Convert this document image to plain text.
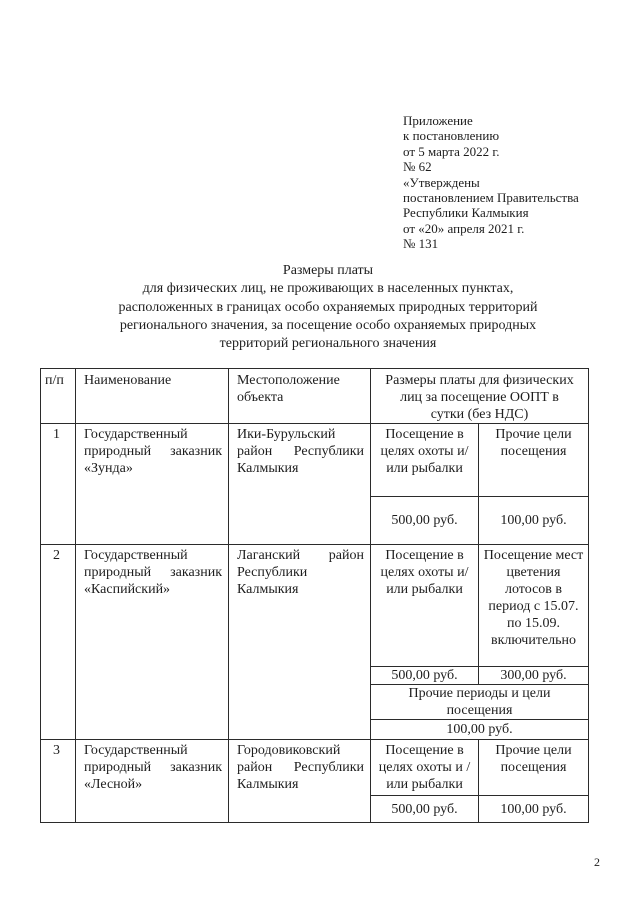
Приложение
к постановлению
от 5 марта 2022 г.
№ 62
«Утверждены
постановлением Правительства
Республики Калмыкия
от «20» апреля 2021 г.
№ 131
Размеры платы
для физических лиц, не проживающих в населенных пунктах,
расположенных в границах особо охраняемых природных территорий
регионального значения, за посещение особо охраняемых природных
территорий регионального значения
п/п	Наименование	Местоположение объекта	Размеры платы для физических лиц за посещение ООПТ в сутки (без НДС)	
1	Государственный природный заказник «Зунда»	Ики-Бурульский район Республики Калмыкия	Посещение в целях охоты и/ или рыбалки	Прочие цели посещения
			500,00 руб.	100,00 руб.
2	Государственный природный заказник «Каспийский»	Лаганский район Республики Калмыкия	Посещение в целях охоты и/или рыбалки	Посещение мест цветения лотосов в период с 15.07. по 15.09. включительно
			500,00 руб.	300,00 руб.
			Прочие периоды и цели посещения	
			100,00 руб.	
3	Государственный природный заказник «Лесной»	Городовиковский район Республики Калмыкия	Посещение в целях охоты и /или рыбалки	Прочие цели посещения
			500,00 руб.	100,00 руб.
2
